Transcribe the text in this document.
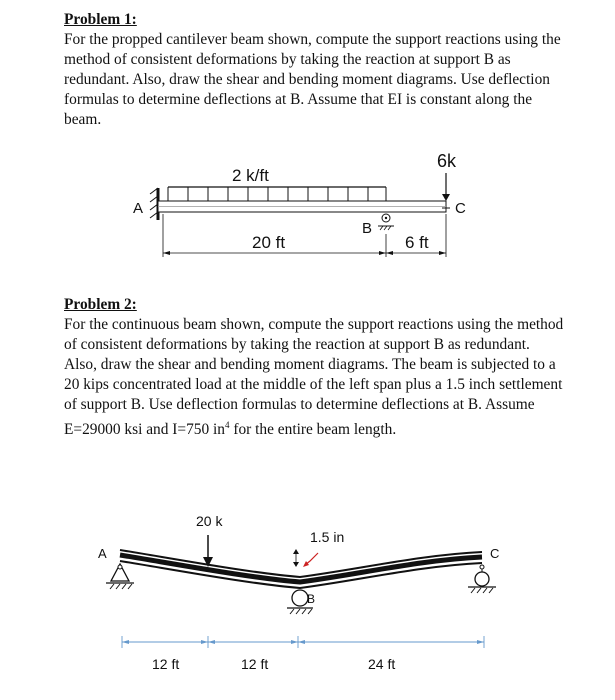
Problem 1:
For the propped cantilever beam shown, compute the support reactions using the method of consistent deformations by taking the reaction at support B as redundant. Also, draw the shear and bending moment diagrams. Use deflection formulas to determine deflections at B. Assume that EI is constant along the beam.
A
2 k/ft
6k
C
B
20 ft	6 ft
Problem 2:
For the continuous beam shown, compute the support reactions using the method of consistent deformations by taking the reaction at support B as redundant. Also, draw the shear and bending moment diagrams. The beam is subjected to a 20 kips concentrated load at the middle of the left span plus a 1.5 inch settlement of support B. Use deflection formulas to determine deflections at B. Assume E=29000 ksi and I=750 $in^4$ for the entire beam length.
A	C
20 k
1.5 in
B
12 ft	12 ft	24 ft
